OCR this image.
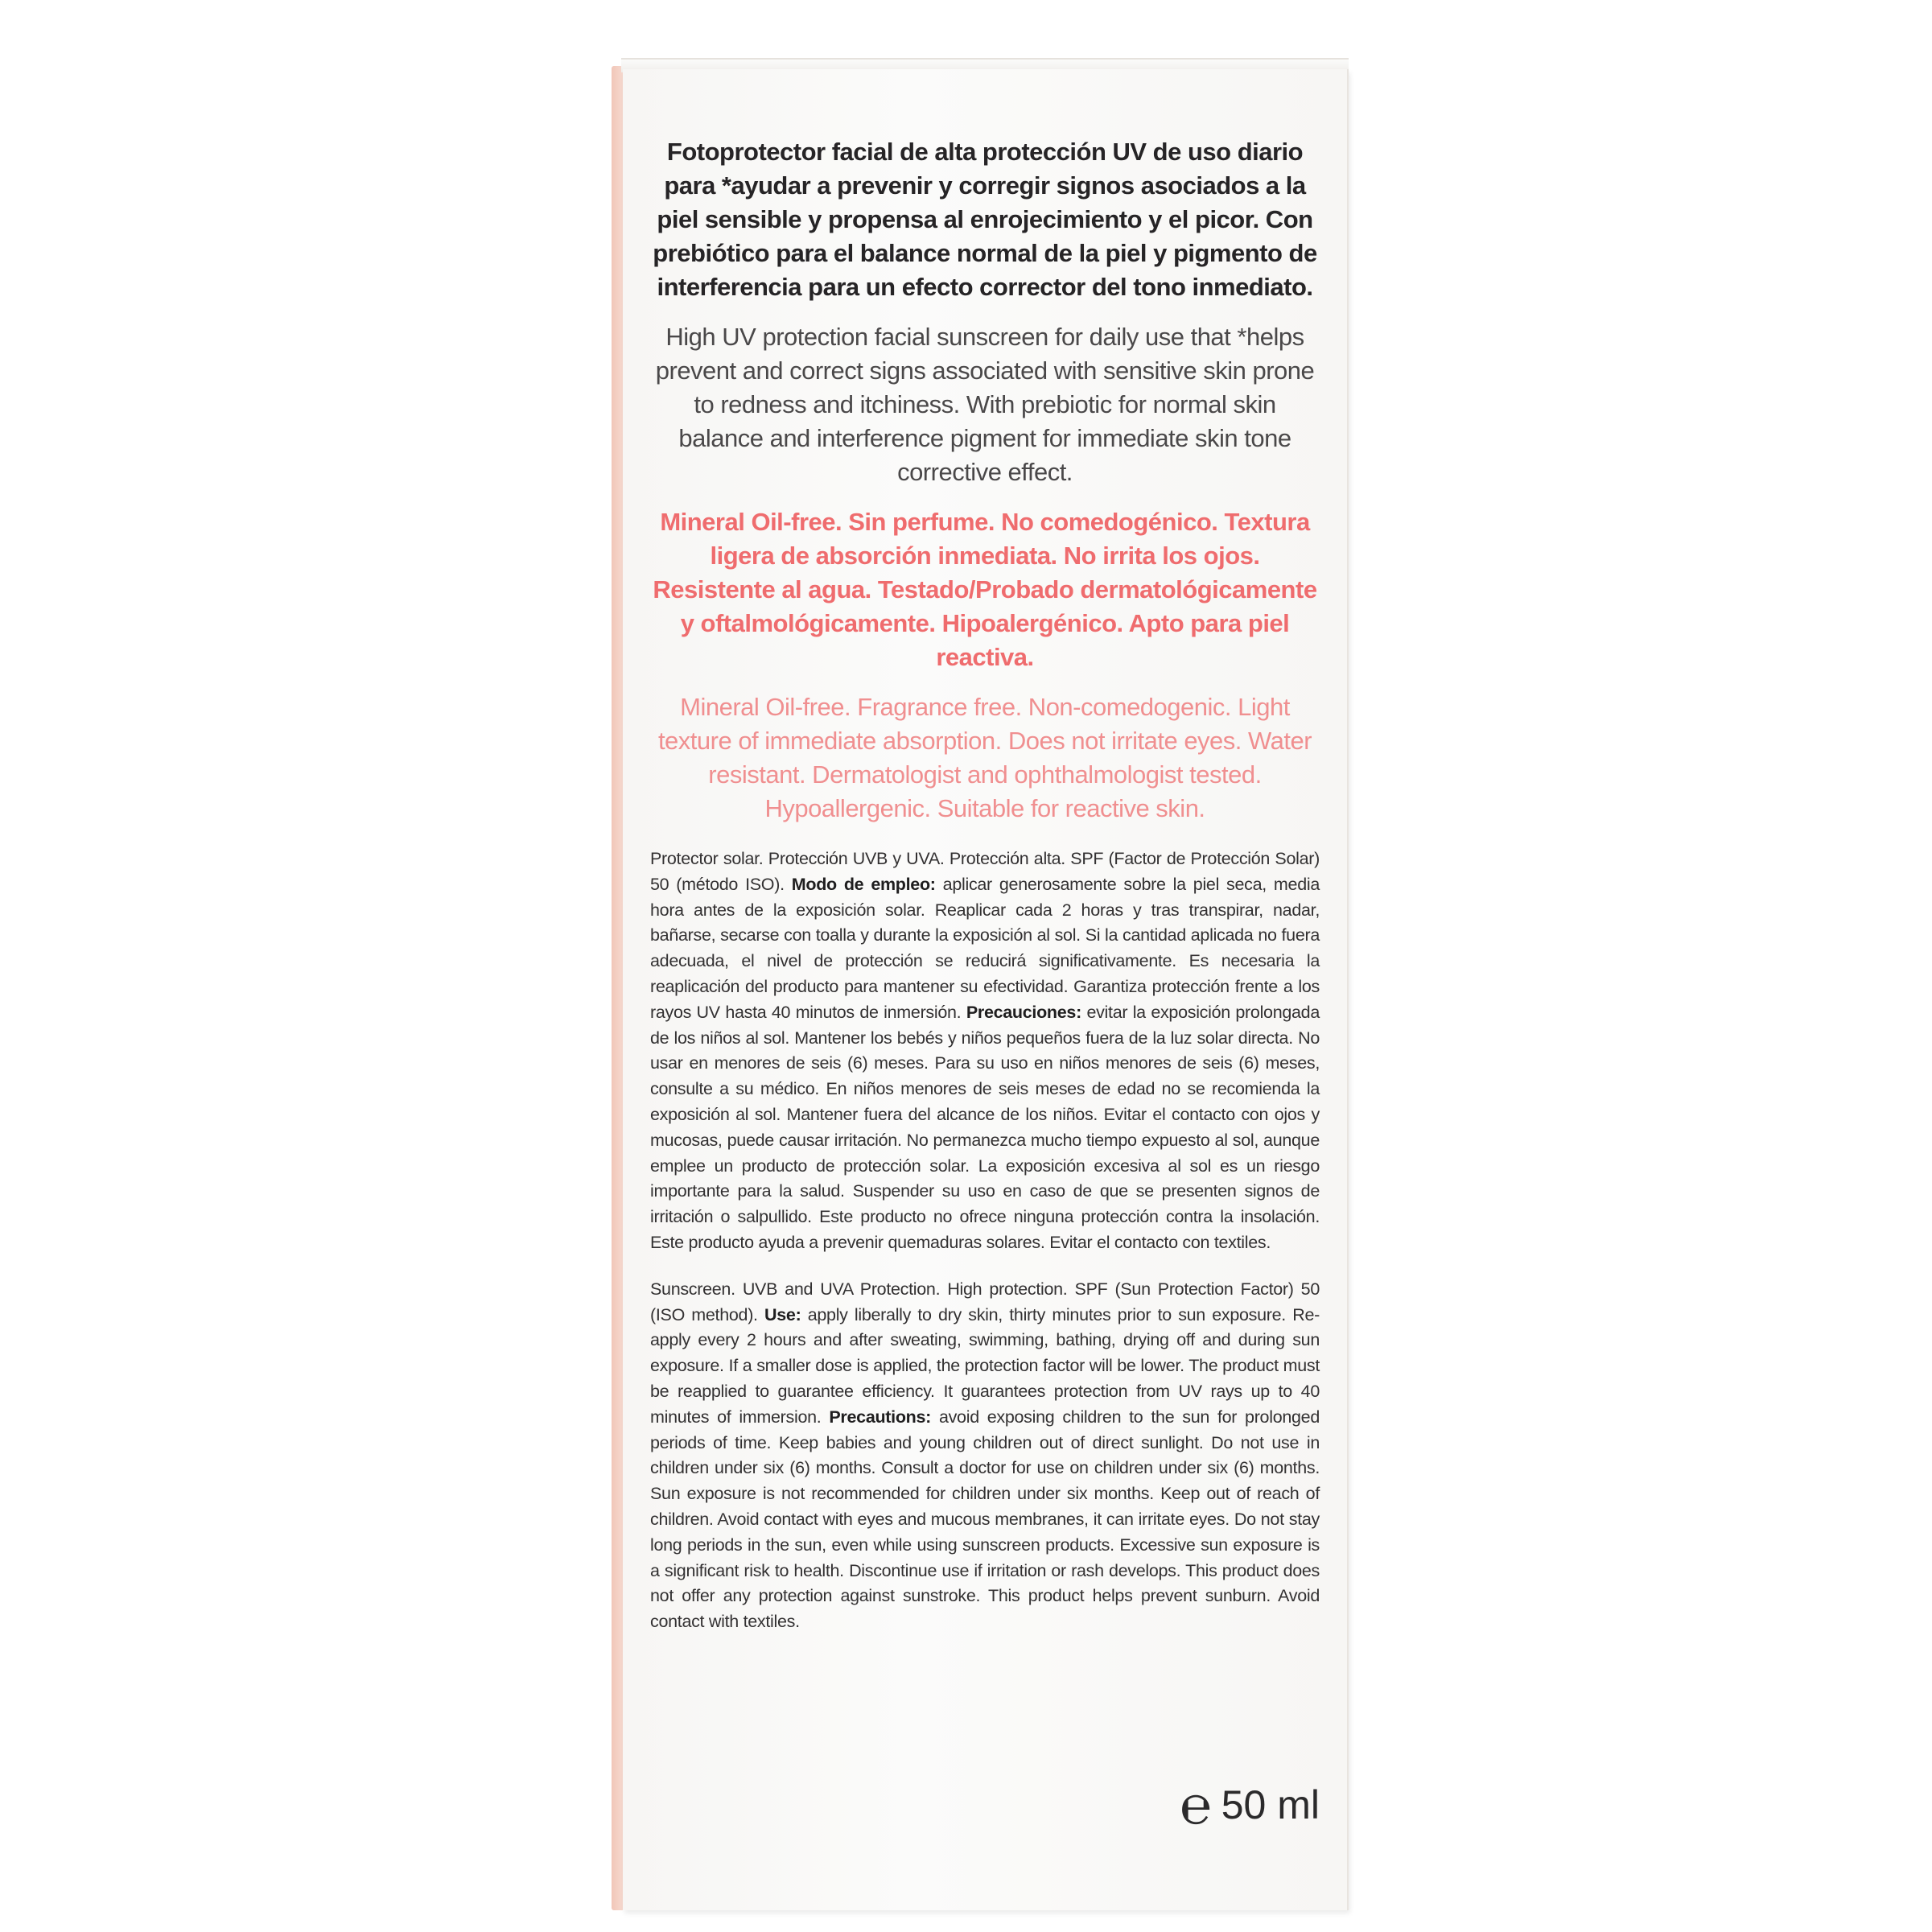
Fotoprotector facial de alta protección UV de uso diario para *ayudar a prevenir y corregir signos asociados a la piel sensible y propensa al enrojecimiento y el picor. Con prebiótico para el balance normal de la piel y pigmento de interferencia para un efecto corrector del tono inmediato.
High UV protection facial sunscreen for daily use that *helps prevent and correct signs associated with sensitive skin prone to redness and itchiness. With prebiotic for normal skin balance and interference pigment for immediate skin tone corrective effect.
Mineral Oil-free. Sin perfume. No comedogénico. Textura ligera de absorción inmediata. No irrita los ojos. Resistente al agua. Testado/Probado dermatológicamente y oftalmológicamente. Hipoalergénico. Apto para piel reactiva.
Mineral Oil-free. Fragrance free. Non-comedogenic. Light texture of immediate absorption. Does not irritate eyes. Water resistant. Dermatologist and ophthalmologist tested. Hypoallergenic. Suitable for reactive skin.
Protector solar. Protección UVB y UVA. Protección alta. SPF (Factor de Protección Solar) 50 (método ISO). Modo de empleo: aplicar generosamente sobre la piel seca, media hora antes de la exposición solar. Reaplicar cada 2 horas y tras transpirar, nadar, bañarse, secarse con toalla y durante la exposición al sol. Si la cantidad aplicada no fuera adecuada, el nivel de protección se reducirá significativamente. Es necesaria la reaplicación del producto para mantener su efectividad. Garantiza protección frente a los rayos UV hasta 40 minutos de inmersión. Precauciones: evitar la exposición prolongada de los niños al sol. Mantener los bebés y niños pequeños fuera de la luz solar directa. No usar en menores de seis (6) meses. Para su uso en niños menores de seis (6) meses, consulte a su médico. En niños menores de seis meses de edad no se recomienda la exposición al sol. Mantener fuera del alcance de los niños. Evitar el contacto con ojos y mucosas, puede causar irritación. No permanezca mucho tiempo expuesto al sol, aunque emplee un producto de protección solar. La exposición excesiva al sol es un riesgo importante para la salud. Suspender su uso en caso de que se presenten signos de irritación o salpullido. Este producto no ofrece ninguna protección contra la insolación. Este producto ayuda a prevenir quemaduras solares. Evitar el contacto con textiles.
Sunscreen. UVB and UVA Protection. High protection. SPF (Sun Protection Factor) 50 (ISO method). Use: apply liberally to dry skin, thirty minutes prior to sun exposure. Re-apply every 2 hours and after sweating, swimming, bathing, drying off and during sun exposure. If a smaller dose is applied, the protection factor will be lower. The product must be reapplied to guarantee efficiency. It guarantees protection from UV rays up to 40 minutes of immersion. Precautions: avoid exposing children to the sun for prolonged periods of time. Keep babies and young children out of direct sunlight. Do not use in children under six (6) months. Consult a doctor for use on children under six (6) months. Sun exposure is not recommended for children under six months. Keep out of reach of children. Avoid contact with eyes and mucous membranes, it can irritate eyes. Do not stay long periods in the sun, even while using sunscreen products. Excessive sun exposure is a significant risk to health. Discontinue use if irritation or rash develops. This product does not offer any protection against sunstroke. This product helps prevent sunburn. Avoid contact with textiles.
℮ 50 ml
